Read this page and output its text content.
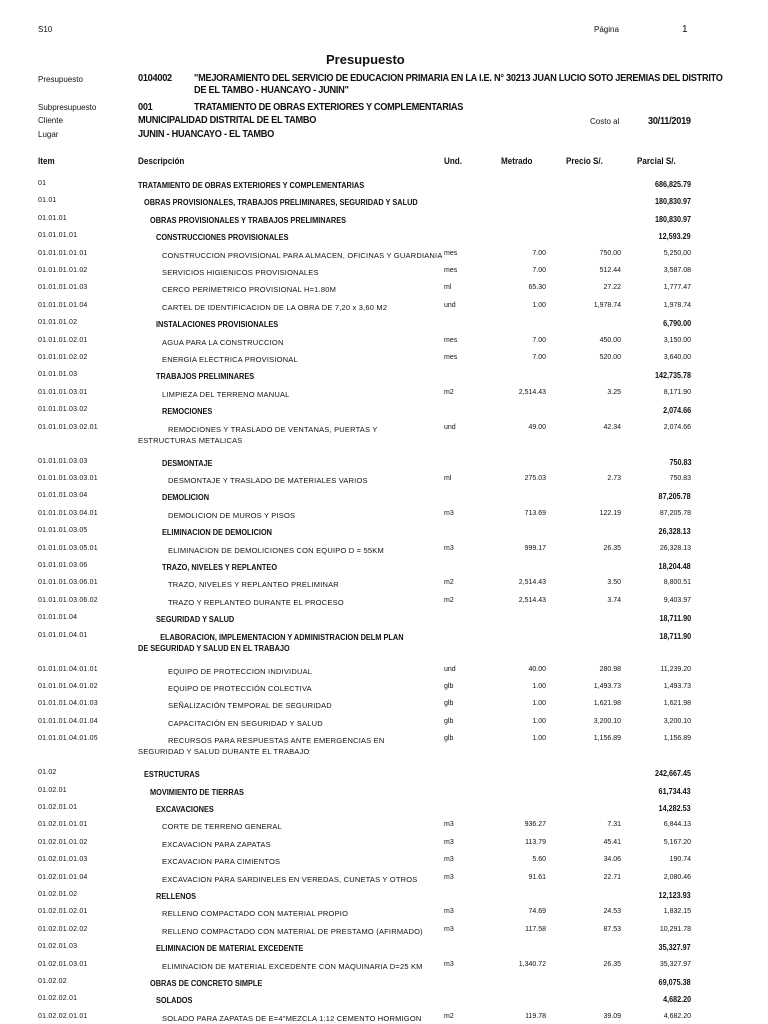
S10	Página	1
Presupuesto
Presupuesto	0104002 "MEJORAMIENTO DEL SERVICIO DE EDUCACION PRIMARIA EN LA I.E. N° 30213 JUAN LUCIO SOTO JEREMIAS DEL DISTRITO
DE EL TAMBO - HUANCAYO - JUNIN"
Subpresupuesto	001	TRATAMIENTO DE OBRAS EXTERIORES Y COMPLEMENTARIAS
Cliente	MUNICIPALIDAD DISTRITAL DE EL TAMBO	Costo al	30/11/2019
Lugar	JUNIN - HUANCAYO - EL TAMBO
Item	Descripción	Und.	Metrado	Precio S/.	Parcial S/.
01	TRATAMIENTO DE OBRAS EXTERIORES Y COMPLEMENTARIAS	686,825.79
01.01	OBRAS PROVISIONALES, TRABAJOS PRELIMINARES, SEGURIDAD Y SALUD	180,830.97
01.01.01	OBRAS PROVISIONALES Y TRABAJOS PRELIMINARES	180,830.97
01.01.01.01	CONSTRUCCIONES PROVISIONALES	12,593.29
01.01.01.01.01	CONSTRUCCION PROVISIONAL PARA ALMACEN, OFICINAS Y GUARDIANIA mes	7.00	750.00	5,250.00
01.01.01.01.02	SERVICIOS HIGIENICOS PROVISIONALES	mes	7.00	512.44	3,587.08
01.01.01.01.03	CERCO PERIMETRICO PROVISIONAL H=1.80M	ml	65.30	27.22	1,777.47
01.01.01.01.04	CARTEL DE IDENTIFICACION DE LA OBRA DE 7,20 x 3,60 M2	und	1.00	1,978.74	1,978.74
01.01.01.02	INSTALACIONES PROVISIONALES	6,790.00
01.01.01.02.01	AGUA PARA LA CONSTRUCCION	mes	7.00	450.00	3,150.00
01.01.01.02.02	ENERGIA ELECTRICA PROVISIONAL	mes	7.00	520.00	3,640.00
01.01.01.03	TRABAJOS PRELIMINARES	142,735.78
01.01.01.03.01	LIMPIEZA DEL TERRENO MANUAL	m2	2,514.43	3.25	8,171.90
01.01.01.03.02	REMOCIONES	2,074.66
01.01.01.03.02.01	REMOCIONES Y TRASLADO DE VENTANAS, PUERTAS Y ESTRUCTURAS METALICAS
und	49.00	42.34	2,074.66
01.01.01.03.03	DESMONTAJE	750.83
01.01.01.03.03.01	DESMONTAJE Y TRASLADO DE MATERIALES VARIOS	ml	275.03	2.73	750.83
01.01.01.03.04	DEMOLICION	87,205.78
01.01.01.03.04.01	DEMOLICION DE MUROS Y PISOS	m3	713.69	122.19	87,205.78
01.01.01.03.05	ELIMINACION DE DEMOLICION	26,328.13
01.01.01.03.05.01	ELIMINACION DE DEMOLICIONES CON EQUIPO D = 55KM	m3	999.17	26.35	26,328.13
01.01.01.03.06	TRAZO, NIVELES Y REPLANTEO	18,204.48
01.01.01.03.06.01	TRAZO, NIVELES Y REPLANTEO PRELIMINAR	m2	2,514.43	3.50	8,800.51
01.01.01.03.06.02	TRAZO Y REPLANTEO DURANTE EL PROCESO	m2	2,514.43	3.74	9,403.97
01.01.01.04	SEGURIDAD Y SALUD	18,711.90
01.01.01.04.01	ELABORACION, IMPLEMENTACION Y ADMINISTRACION DELM PLAN DE SEGURIDAD Y SALUD EN EL TRABAJO
18,711.90
01.01.01.04.01.01	EQUIPO DE PROTECCION INDIVIDUAL	und	40.00	280.98	11,239.20
01.01.01.04.01.02	EQUIPO DE PROTECCIÓN COLECTIVA	glb	1.00	1,493.73	1,493.73
01.01.01.04.01.03	SEÑALIZACIÓN TEMPORAL DE SEGURIDAD	glb	1.00	1,621.98	1,621.98
01.01.01.04.01.04	CAPACITACIÓN EN SEGURIDAD Y SALUD	glb	1.00	3,200.10	3,200.10
01.01.01.04.01.05	RECURSOS PARA RESPUESTAS ANTE EMERGENCIAS EN SEGURIDAD Y SALUD DURANTE EL TRABAJO
glb	1.00	1,156.89	1,156.89
01.02	ESTRUCTURAS	242,667.45
01.02.01	MOVIMIENTO DE TIERRAS	61,734.43
01.02.01.01	EXCAVACIONES	14,282.53
01.02.01.01.01	CORTE DE TERRENO GENERAL	m3	936.27	7.31	6,844.13
01.02.01.01.02	EXCAVACION PARA ZAPATAS	m3	113.79	45.41	5,167.20
01.02.01.01.03	EXCAVACION PARA CIMIENTOS	m3	5.60	34.06	190.74
01.02.01.01.04	EXCAVACION PARA SARDINELES EN VEREDAS, CUNETAS Y OTROS	m3	91.61	22.71	2,080.46
01.02.01.02	RELLENOS	12,123.93
01.02.01.02.01	RELLENO COMPACTADO CON MATERIAL PROPIO	m3	74.69	24.53	1,832.15
01.02.01.02.02	RELLENO COMPACTADO CON MATERIAL DE PRESTAMO (AFIRMADO)	m3	117.58	87.53	10,291.78
01.02.01.03	ELIMINACION DE MATERIAL EXCEDENTE	35,327.97
01.02.01.03.01	ELIMINACION DE MATERIAL EXCEDENTE CON MAQUINARIA D=25 KM	m3	1,340.72	26.35	35,327.97
01.02.02	OBRAS DE CONCRETO SIMPLE	69,075.38
01.02.02.01	SOLADOS	4,682.20
01.02.02.01.01	SOLADO PARA ZAPATAS DE E=4"MEZCLA 1:12 CEMENTO HORMIGON	m2	119.78	39.09	4,682.20
